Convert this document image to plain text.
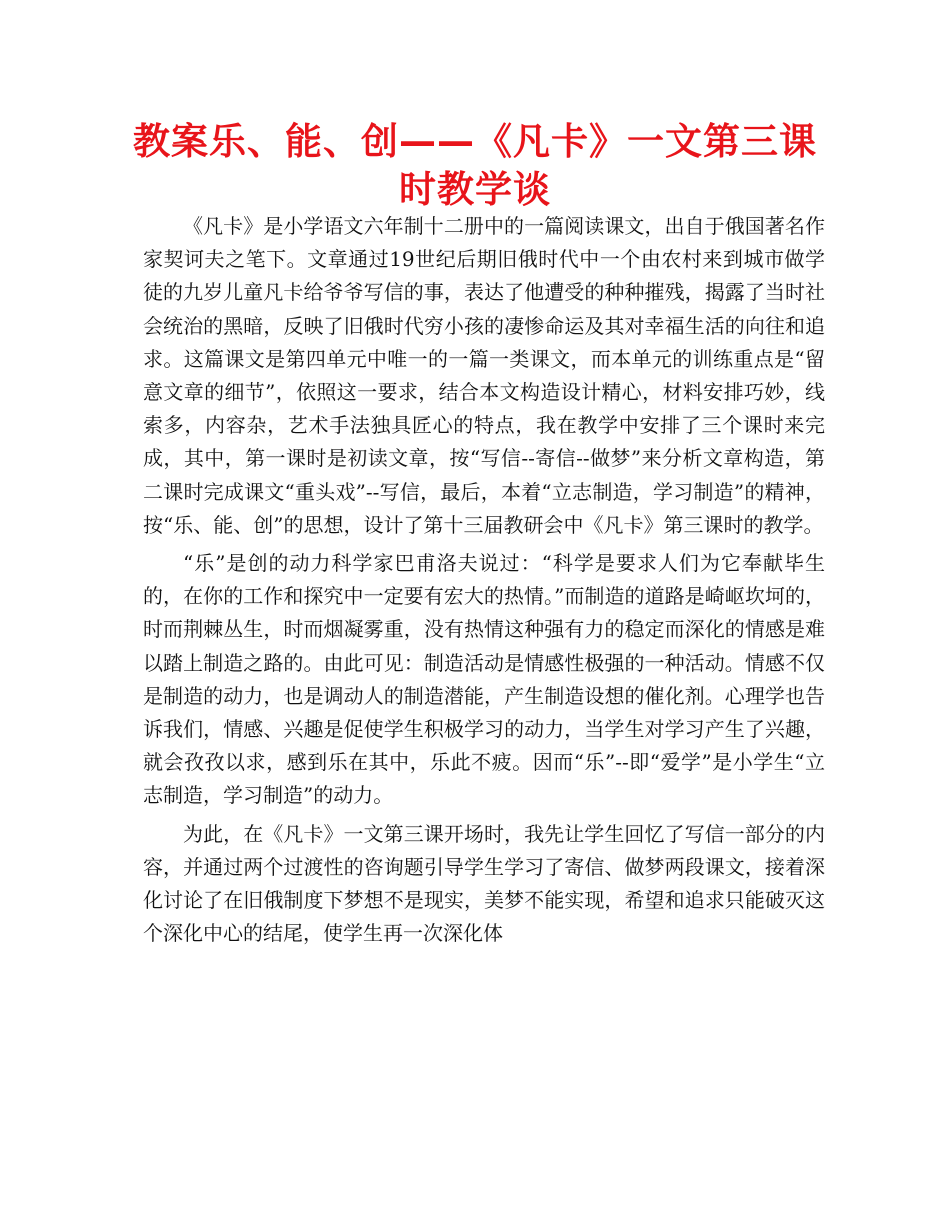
教案乐、能、创——《凡卡》一文第三课时教学谈

《凡卡》是小学语文六年制十二册中的一篇阅读课文，出自于俄国著名作家契诃夫之笔下。文章通过19世纪后期旧俄时代中一个由农村来到城市做学徒的九岁儿童凡卡给爷爷写信的事，表达了他遭受的种种摧残，揭露了当时社会统治的黑暗，反映了旧俄时代穷小孩的凄惨命运及其对幸福生活的向往和追求。这篇课文是第四单元中唯一的一篇一类课文，而本单元的训练重点是“留意文章的细节”，依照这一要求，结合本文构造设计精心，材料安排巧妙，线索多，内容杂，艺术手法独具匠心的特点，我在教学中安排了三个课时来完成，其中，第一课时是初读文章，按“写信--寄信--做梦”来分析文章构造，第二课时完成课文“重头戏”--写信，最后，本着“立志制造，学习制造”的精神，按“乐、能、创”的思想，设计了第十三届教研会中《凡卡》第三课时的教学。

“乐”是创的动力科学家巴甫洛夫说过：“科学是要求人们为它奉献毕生的，在你的工作和探究中一定要有宏大的热情。”而制造的道路是崎岖坎坷的，时而荆棘丛生，时而烟凝雾重，没有热情这种强有力的稳定而深化的情感是难以踏上制造之路的。由此可见：制造活动是情感性极强的一种活动。情感不仅是制造的动力，也是调动人的制造潜能，产生制造设想的催化剂。心理学也告诉我们，情感、兴趣是促使学生积极学习的动力，当学生对学习产生了兴趣，就会孜孜以求，感到乐在其中，乐此不疲。因而“乐”--即“爱学”是小学生“立志制造，学习制造”的动力。

为此，在《凡卡》一文第三课开场时，我先让学生回忆了写信一部分的内容，并通过两个过渡性的咨询题引导学生学习了寄信、做梦两段课文，接着深化讨论了在旧俄制度下梦想不是现实，美梦不能实现，希望和追求只能破灭这个深化中心的结尾，使学生再一次深化体
